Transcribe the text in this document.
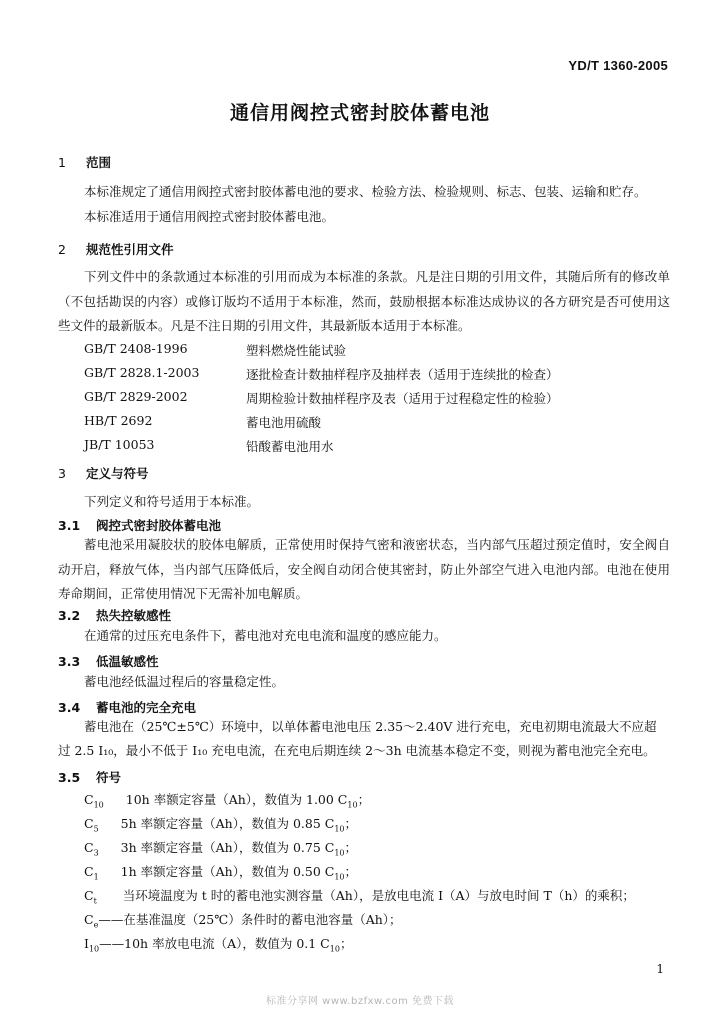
YD/T 1360-2005
通信用阀控式密封胶体蓄电池
1 范围
本标准规定了通信用阀控式密封胶体蓄电池的要求、检验方法、检验规则、标志、包装、运输和贮存。
本标准适用于通信用阀控式密封胶体蓄电池。
2 规范性引用文件
下列文件中的条款通过本标准的引用而成为本标准的条款。凡是注日期的引用文件，其随后所有的修改单（不包括勘误的内容）或修订版均不适用于本标准，然而，鼓励根据本标准达成协议的各方研究是否可使用这些文件的最新版本。凡是不注日期的引用文件，其最新版本适用于本标准。
GB/T 2408-1996	塑料燃烧性能试验
GB/T 2828.1-2003	逐批检查计数抽样程序及抽样表（适用于连续批的检查）
GB/T 2829-2002	周期检验计数抽样程序及表（适用于过程稳定性的检验）
HB/T 2692	蓄电池用硫酸
JB/T 10053	铅酸蓄电池用水
3 定义与符号
下列定义和符号适用于本标准。
3.1 阀控式密封胶体蓄电池
蓄电池采用凝胶状的胶体电解质，正常使用时保持气密和液密状态，当内部气压超过预定值时，安全阀自动开启，释放气体，当内部气压降低后，安全阀自动闭合使其密封，防止外部空气进入电池内部。电池在使用寿命期间，正常使用情况下无需补加电解质。
3.2 热失控敏感性
在通常的过压充电条件下，蓄电池对充电电流和温度的感应能力。
3.3 低温敏感性
蓄电池经低温过程后的容量稳定性。
3.4 蓄电池的完全充电
蓄电池在（25℃±5℃）环境中，以单体蓄电池电压 2.35～2.40V 进行充电，充电初期电流最大不应超
过 2.5 I₁₀，最小不低于 I₁₀ 充电电流，在充电后期连续 2～3h 电流基本稳定不变，则视为蓄电池完全充电。
3.5 符号
$C_{10}$ 10h 率额定容量（Ah），数值为 1.00 $C_{10}$；
$C_5$ 5h 率额定容量（Ah），数值为 0.85 $C_{10}$；
$C_3$ 3h 率额定容量（Ah），数值为 0.75 $C_{10}$；
$C_1$ 1h 率额定容量（Ah），数值为 0.50 $C_{10}$；
$C_t$ 当环境温度为 t 时的蓄电池实测容量（Ah），是放电电流 I（A）与放电时间 T（h）的乘积；
$C_e——$在基准温度（25℃）条件时的蓄电池容量（Ah）；
$I_{10}——10h$ 率放电电流（A），数值为 0.1 $C_{10}$；
1
标准分享网 www.bzfxw.com 免费下载
